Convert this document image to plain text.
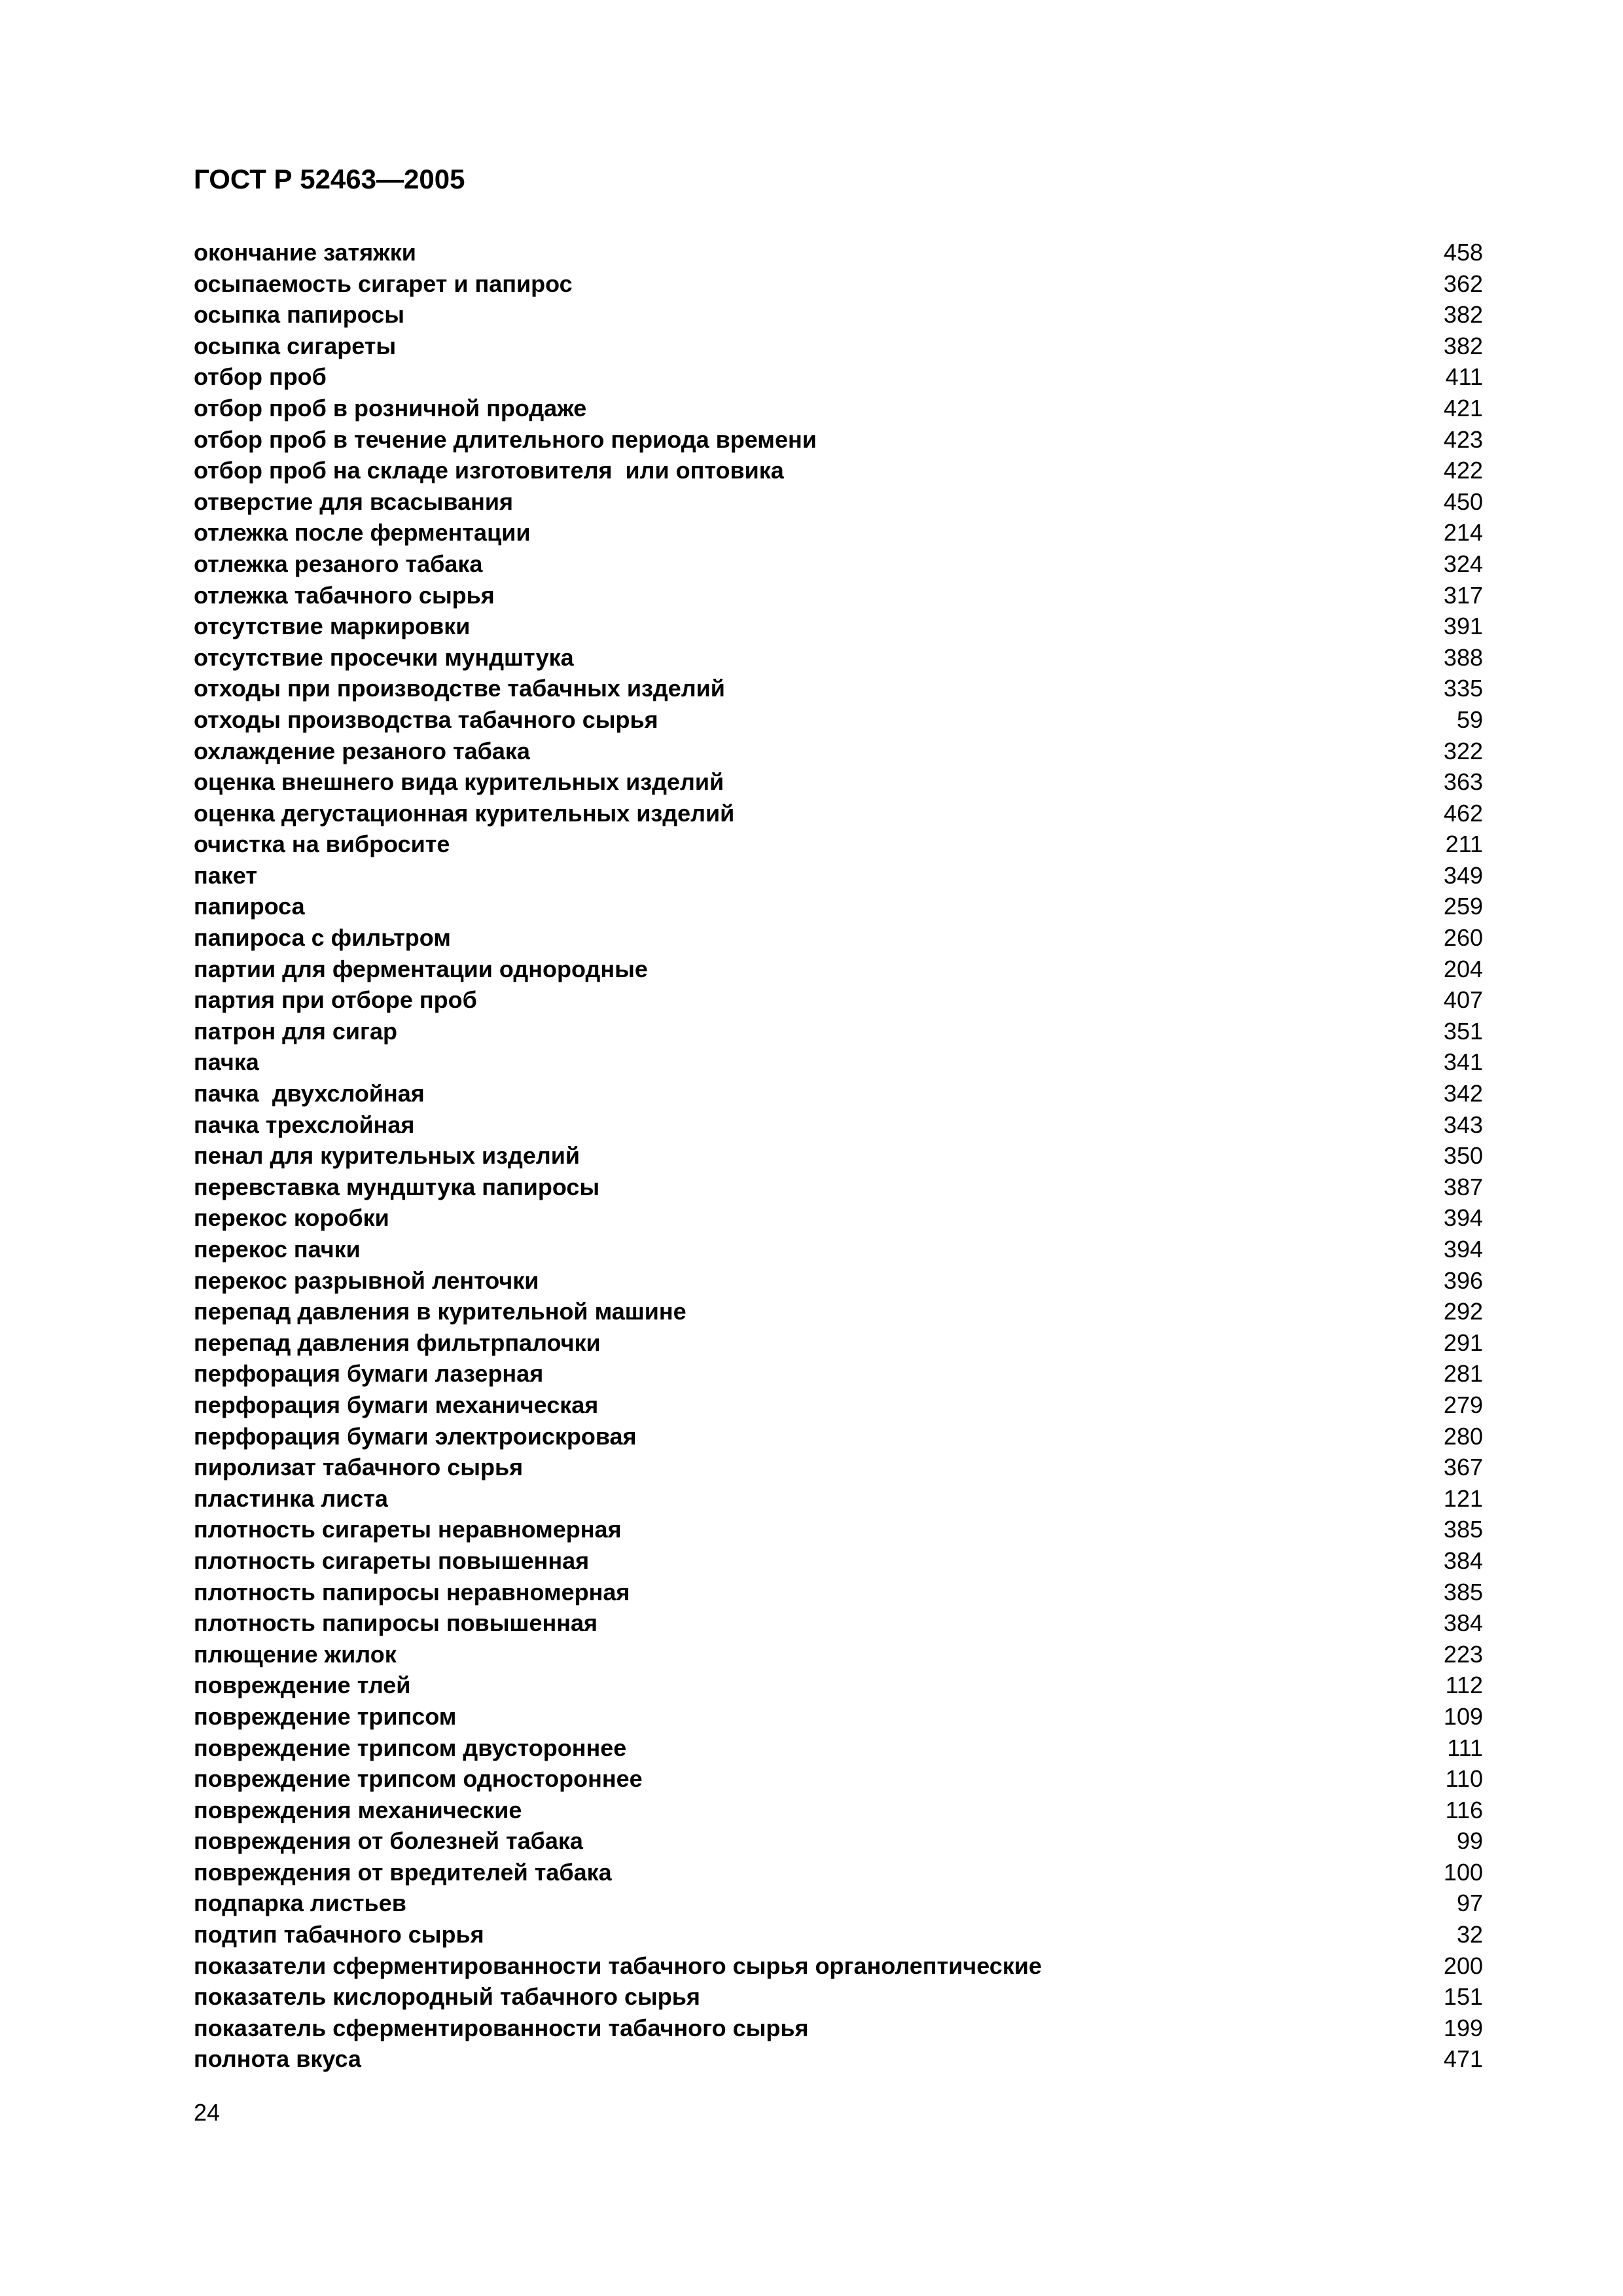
ГОСТ Р 52463—2005
окончание затяжки	458
осыпаемость сигарет и папирос	362
осыпка папиросы	382
осыпка сигареты	382
отбор проб	411
отбор проб в розничной продаже	421
отбор проб в течение длительного периода времени	423
отбор проб на складе изготовителя  или оптовика	422
отверстие для всасывания	450
отлежка после ферментации	214
отлежка резаного табака	324
отлежка табачного сырья	317
отсутствие маркировки	391
отсутствие просечки мундштука	388
отходы при производстве табачных изделий	335
отходы производства табачного сырья	59
охлаждение резаного табака	322
оценка внешнего вида курительных изделий	363
оценка дегустационная курительных изделий	462
очистка на вибросите	211
пакет	349
папироса	259
папироса с фильтром	260
партии для ферментации однородные	204
партия при отборе проб	407
патрон для сигар	351
пачка	341
пачка  двухслойная	342
пачка трехслойная	343
пенал для курительных изделий	350
перевставка мундштука папиросы	387
перекос коробки	394
перекос пачки	394
перекос разрывной ленточки	396
перепад давления в курительной машине	292
перепад давления фильтрпалочки	291
перфорация бумаги лазерная	281
перфорация бумаги механическая	279
перфорация бумаги электроискровая	280
пиролизат табачного сырья	367
пластинка листа	121
плотность сигареты неравномерная	385
плотность сигареты повышенная	384
плотность папиросы неравномерная	385
плотность папиросы повышенная	384
плющение жилок	223
повреждение тлей	112
повреждение трипсом	109
повреждение трипсом двустороннее	111
повреждение трипсом одностороннее	110
повреждения механические	116
повреждения от болезней табака	99
повреждения от вредителей табака	100
подпарка листьев	97
подтип табачного сырья	32
показатели сферментированности табачного сырья органолептические	200
показатель кислородный табачного сырья	151
показатель сферментированности табачного сырья	199
полнота вкуса	471
24
